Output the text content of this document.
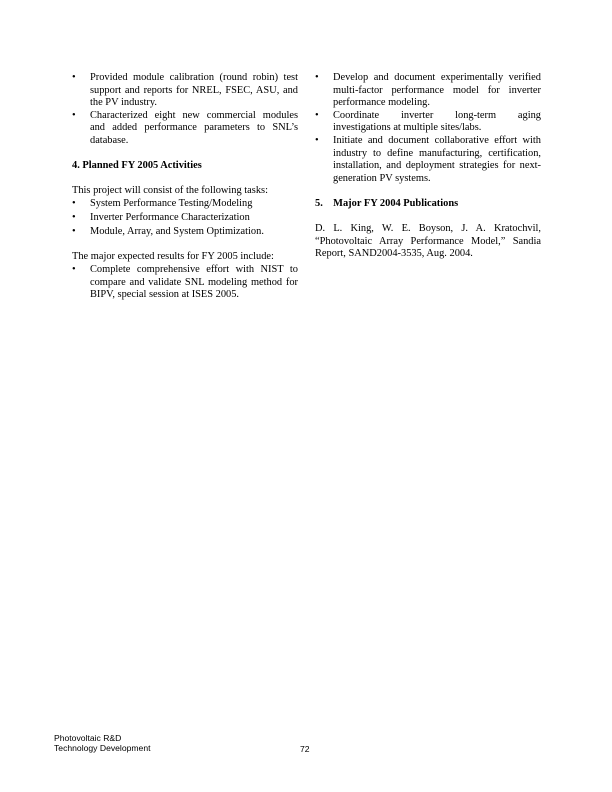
• Provided module calibration (round robin) test support and reports for NREL, FSEC, ASU, and the PV industry.
• Characterized eight new commercial modules and added performance parameters to SNL’s database.

4. Planned FY 2005 Activities

This project will consist of the following tasks:

• System Performance Testing/Modeling
• Inverter Performance Characterization
• Module, Array, and System Optimization.

The major expected results for FY 2005 include:

• Complete comprehensive effort with NIST to compare and validate SNL modeling method for BIPV, special session at ISES 2005.
• Develop and document experimentally verified multi-factor performance model for inverter performance modeling.
• Coordinate inverter long-term aging investigations at multiple sites/labs.
• Initiate and document collaborative effort with industry to define manufacturing, certification, installation, and deployment strategies for next-generation PV systems.

5. Major FY 2004 Publications

D. L. King, W. E. Boyson, J. A. Kratochvil, “Photovoltaic Array Performance Model,” Sandia Report, SAND2004-3535, Aug. 2004.

Photovoltaic R&D
Technology Development	72
